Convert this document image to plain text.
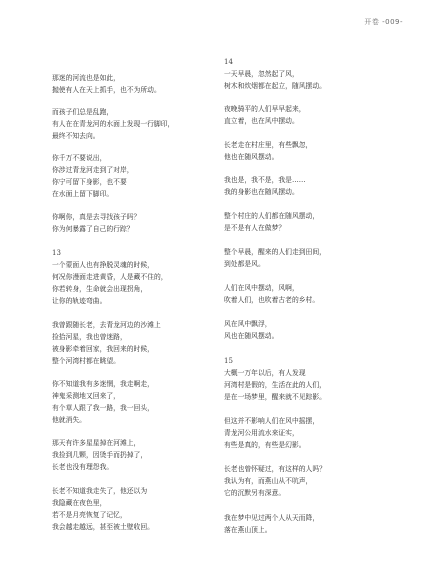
开卷 -009-
那迷的河流也是如此，
抛使有人在天上抓手，也不为所动。
而孩子们总是乱跑，
有人在在青龙河的水面上发现一行脚印，
最终不知去向。
你千万不要说出，
你涉过青龙河走到了对岸，
你宁可留下身影，也不要
在水面上留下脚印。
你啊你，真是去寻找孩子吗？
你为何暴露了自己的行踪？
13
一个蒙面人也有挣脱灵魂的时候，
何况你漫面走进黄昏，人是藏不住的，
你若转身，生命就会出现拐角，
让你的轨迹弯曲。
我曾跟随长老，去青龙河边的沙滩上
捡拾河星，我也曾迷路，
被身影牵着回家，我回来的时候，
整个河湾村都在眺望。
你不知道我有多迷惘，我走啊走，
神鬼采测地又回来了，
有个草人跟了我一路，我一回头，
他就消失。
那天有许多星星掉在河滩上，
我捡到几颗，因烫手而扔掉了，
长老也没有理怨我。
长老不知道我走失了，他还以为
我隐藏在夜色里，
若不是月亮恢复了记忆，
我会越走越远，甚至被土壁收回。
14
一天早晨，忽然起了风，
树木和炊烟都在起立，随风摆动。
夜晚骑平的人们早早起来，
直立着，也在风中摆动。
长老走在村庄里，有些飘忽，
他也在随风摆动。
我也是，我不是，我是……
我的身影也在随风摆动。
整个村庄的人们都在随风摆动，
是不是有人在做梦？
整个早晨，醒来的人们走到田间，
到处都是风。
人们在风中摆动，风啊，
吹着人们，也吹着古老的乡村。
风在风中飘浮，
风也在随风摆动。
15
大概一万年以后，有人发现
河湾村是假的，生活在此的人们，
是在一场梦里，醒来就不见踪影。
但这并不影响人们在风中摇摆，
青龙河公用流水来证实，
有些是真的，有些是幻影。
长老也曾怀疑过，有这样的人吗？
我认为有，而燕山从不吭声，
它的沉默另有深意。
我在梦中见过两个人从天而降，
落在燕山顶上。
